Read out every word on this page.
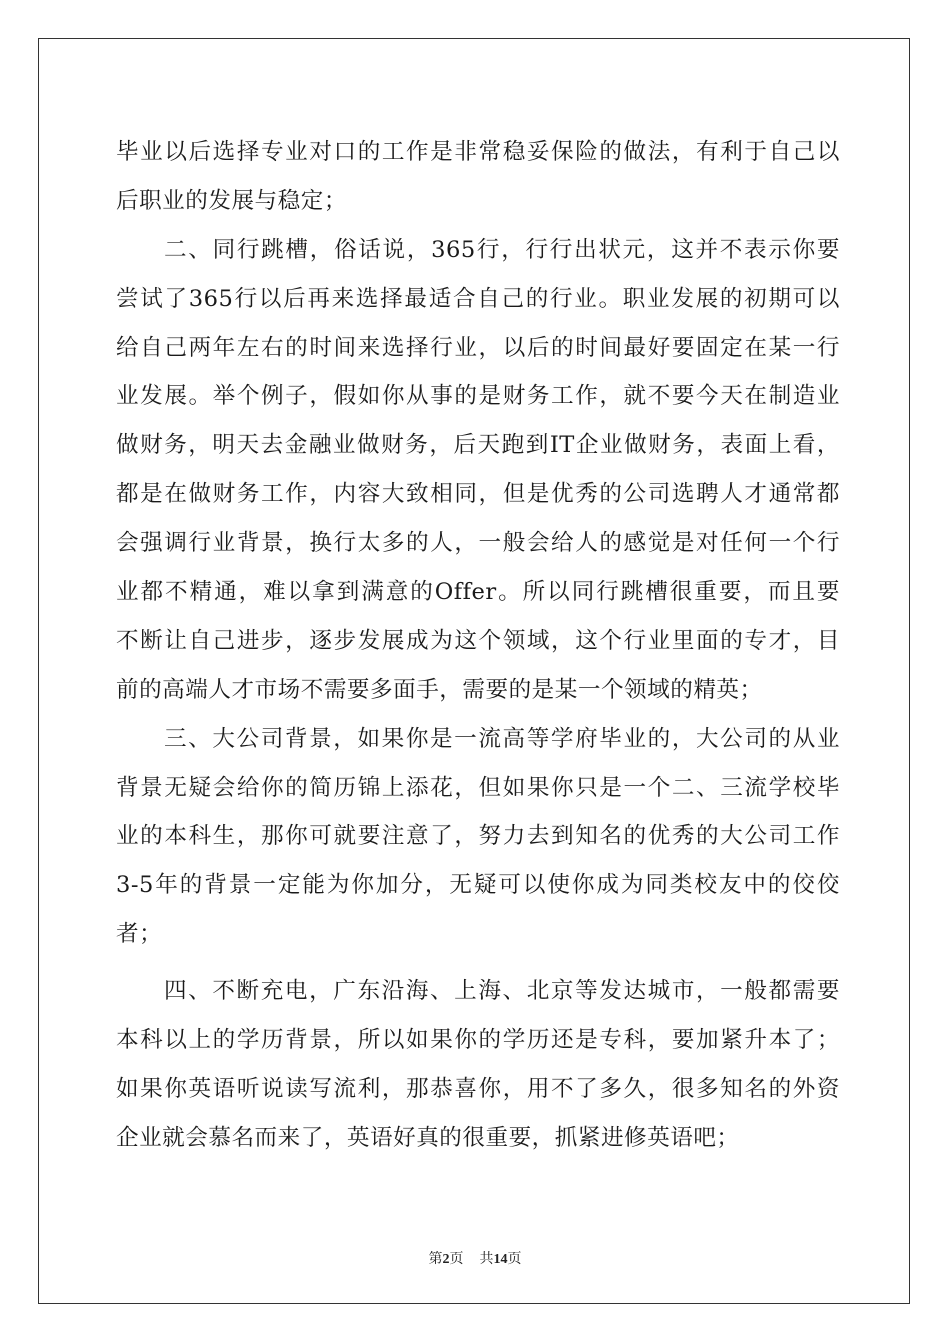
毕业以后选择专业对口的工作是非常稳妥保险的做法，有利于自己以
后职业的发展与稳定；
二、同行跳槽，俗话说，365行，行行出状元，这并不表示你要
尝试了365行以后再来选择最适合自己的行业。职业发展的初期可以
给自己两年左右的时间来选择行业，以后的时间最好要固定在某一行
业发展。举个例子，假如你从事的是财务工作，就不要今天在制造业
做财务，明天去金融业做财务，后天跑到IT企业做财务，表面上看，
都是在做财务工作，内容大致相同，但是优秀的公司选聘人才通常都
会强调行业背景，换行太多的人，一般会给人的感觉是对任何一个行
业都不精通，难以拿到满意的Offer。所以同行跳槽很重要，而且要
不断让自己进步，逐步发展成为这个领域，这个行业里面的专才，目
前的高端人才市场不需要多面手，需要的是某一个领域的精英；
三、大公司背景，如果你是一流高等学府毕业的，大公司的从业
背景无疑会给你的简历锦上添花，但如果你只是一个二、三流学校毕
业的本科生，那你可就要注意了，努力去到知名的优秀的大公司工作
3-5年的背景一定能为你加分，无疑可以使你成为同类校友中的佼佼
者；
四、不断充电，广东沿海、上海、北京等发达城市，一般都需要
本科以上的学历背景，所以如果你的学历还是专科，要加紧升本了；
如果你英语听说读写流利，那恭喜你，用不了多久，很多知名的外资
企业就会慕名而来了，英语好真的很重要，抓紧进修英语吧；
第2页 共14页
